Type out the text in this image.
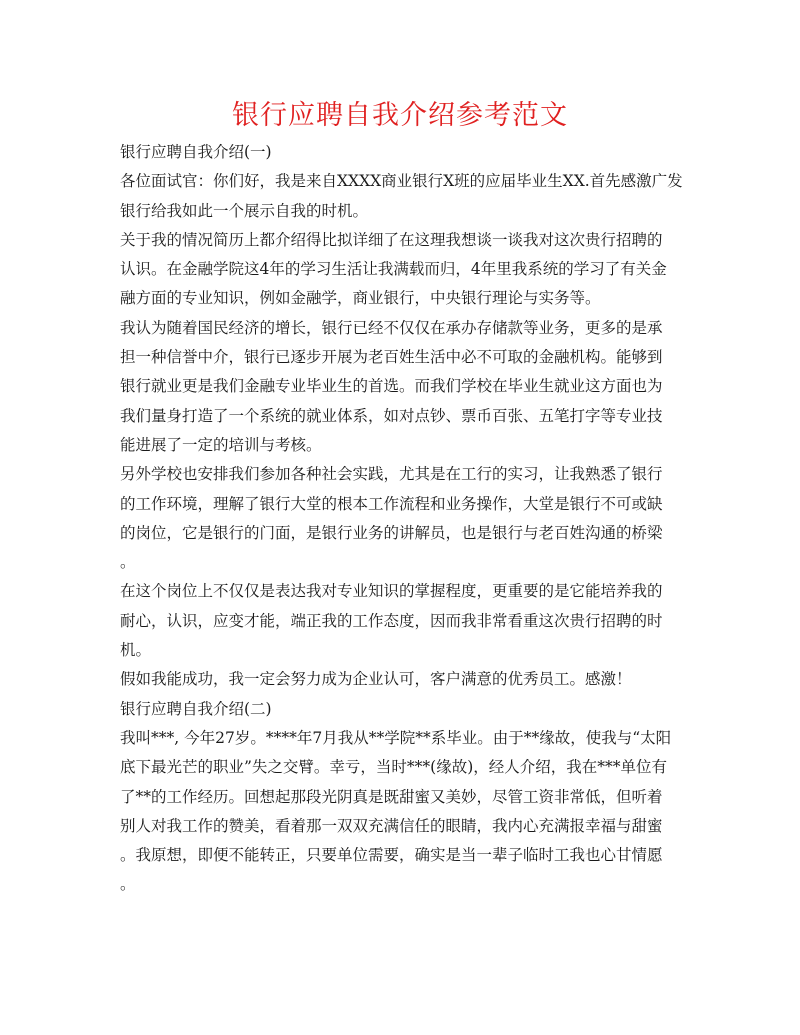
银行应聘自我介绍参考范文

银行应聘自我介绍(一)

各位面试官：你们好，我是来自XXXX商业银行X班的应届毕业生XX.首先感激广发

银行给我如此一个展示自我的时机。

关于我的情况简历上都介绍得比拟详细了在这理我想谈一谈我对这次贵行招聘的

认识。在金融学院这4年的学习生活让我满载而归，4年里我系统的学习了有关金

融方面的专业知识，例如金融学，商业银行，中央银行理论与实务等。

我认为随着国民经济的增长，银行已经不仅仅在承办存储款等业务，更多的是承

担一种信誉中介，银行已逐步开展为老百姓生活中必不可取的金融机构。能够到

银行就业更是我们金融专业毕业生的首选。而我们学校在毕业生就业这方面也为

我们量身打造了一个系统的就业体系，如对点钞、票币百张、五笔打字等专业技

能进展了一定的培训与考核。

另外学校也安排我们参加各种社会实践，尤其是在工行的实习，让我熟悉了银行

的工作环境，理解了银行大堂的根本工作流程和业务操作，大堂是银行不可或缺

的岗位，它是银行的门面，是银行业务的讲解员，也是银行与老百姓沟通的桥梁

。

在这个岗位上不仅仅是表达我对专业知识的掌握程度，更重要的是它能培养我的

耐心，认识，应变才能，端正我的工作态度，因而我非常看重这次贵行招聘的时

机。

假如我能成功，我一定会努力成为企业认可，客户满意的优秀员工。感激！

银行应聘自我介绍(二)

我叫***, 今年27岁。****年7月我从**学院**系毕业。由于**缘故，使我与“太阳

底下最光芒的职业”失之交臂。幸亏，当时***(缘故)，经人介绍，我在***单位有

了**的工作经历。回想起那段光阴真是既甜蜜又美妙，尽管工资非常低，但听着

别人对我工作的赞美，看着那一双双充满信任的眼睛，我内心充满报幸福与甜蜜

。我原想，即便不能转正，只要单位需要，确实是当一辈子临时工我也心甘情愿

。
